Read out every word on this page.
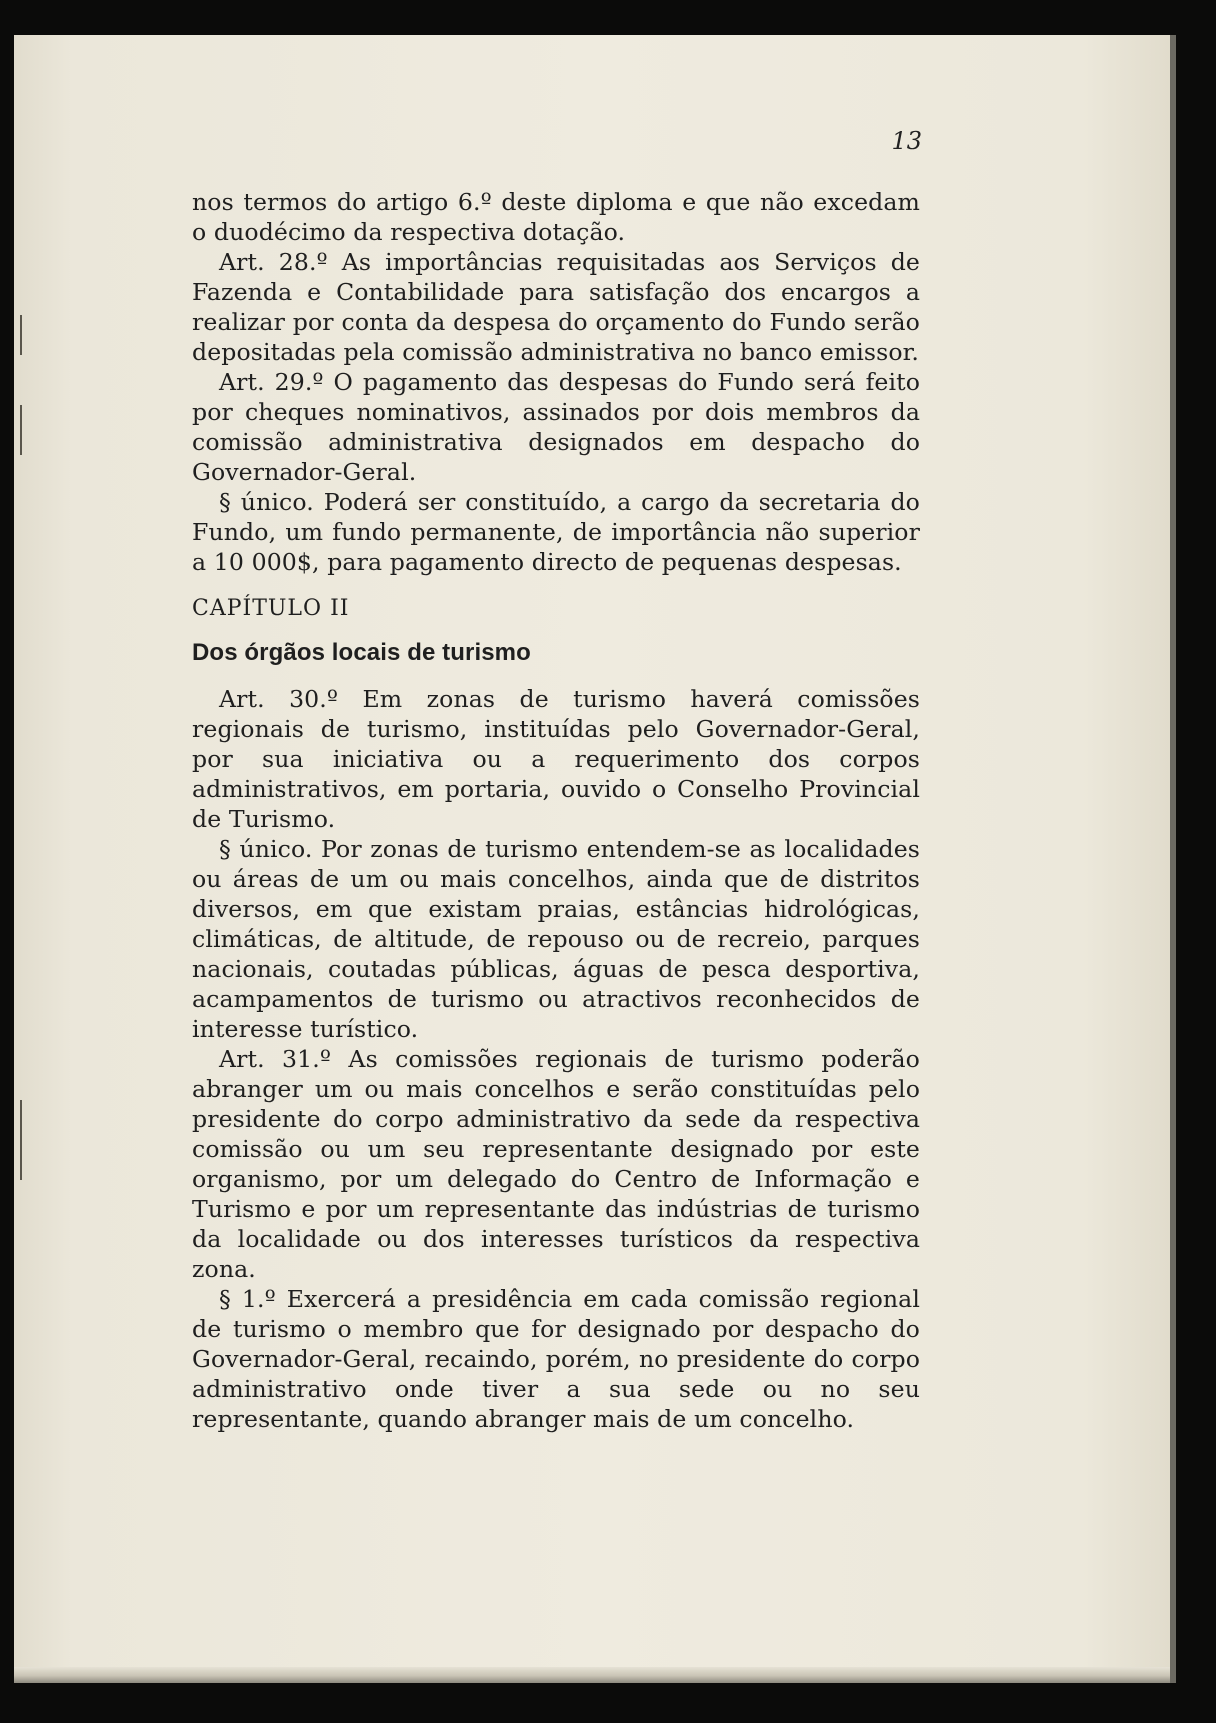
13

nos termos do artigo 6.º deste diploma e que não excedam o duodécimo da respectiva dotação.

Art. 28.º As importâncias requisitadas aos Serviços de Fazenda e Contabilidade para satisfação dos encargos a realizar por conta da despesa do orçamento do Fundo serão depositadas pela comissão administrativa no banco emissor.

Art. 29.º O pagamento das despesas do Fundo será feito por cheques nominativos, assinados por dois membros da comissão administrativa designados em despacho do Governador-Geral.

§ único. Poderá ser constituído, a cargo da secretaria do Fundo, um fundo permanente, de importância não superior a 10 000$, para pagamento directo de pequenas despesas.

CAPÍTULO II

Dos órgãos locais de turismo

Art. 30.º Em zonas de turismo haverá comissões regionais de turismo, instituídas pelo Governador-Geral, por sua iniciativa ou a requerimento dos corpos administrativos, em portaria, ouvido o Conselho Provincial de Turismo.

§ único. Por zonas de turismo entendem-se as localidades ou áreas de um ou mais concelhos, ainda que de distritos diversos, em que existam praias, estâncias hidrológicas, climáticas, de altitude, de repouso ou de recreio, parques nacionais, coutadas públicas, águas de pesca desportiva, acampamentos de turismo ou atractivos reconhecidos de interesse turístico.

Art. 31.º As comissões regionais de turismo poderão abranger um ou mais concelhos e serão constituídas pelo presidente do corpo administrativo da sede da respectiva comissão ou um seu representante designado por este organismo, por um delegado do Centro de Informação e Turismo e por um representante das indústrias de turismo da localidade ou dos interesses turísticos da respectiva zona.

§ 1.º Exercerá a presidência em cada comissão regional de turismo o membro que for designado por despacho do Governador-Geral, recaindo, porém, no presidente do corpo administrativo onde tiver a sua sede ou no seu representante, quando abranger mais de um concelho.
